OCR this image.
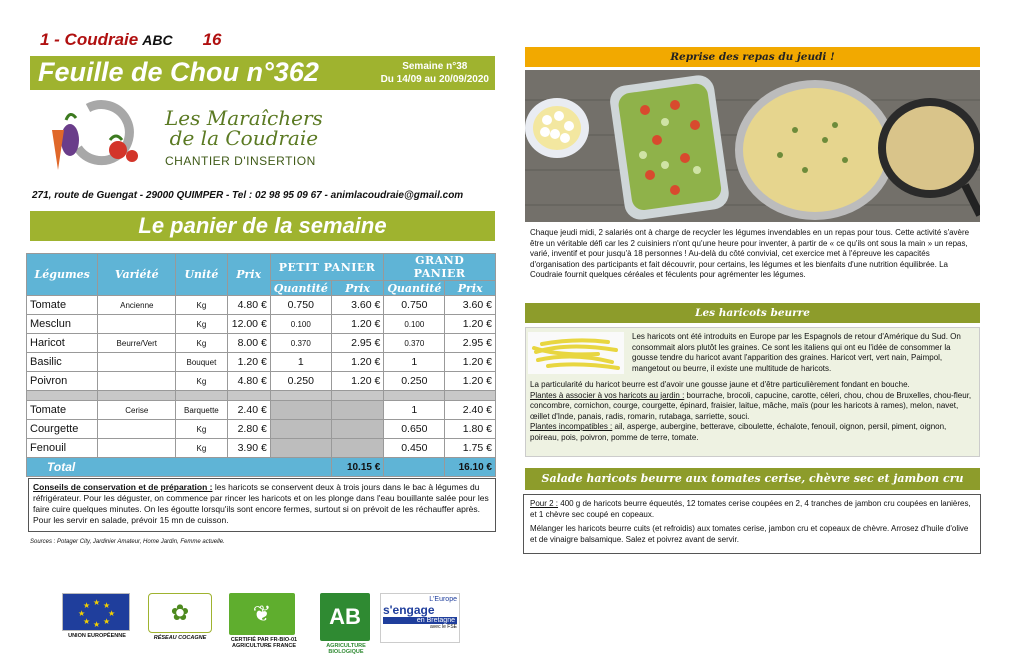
1 - Coudraie ABC 16
Feuille de Chou n°362	Semaine n°38
Du 14/09 au 20/09/2020
Les Maraîchers
de la Coudraie
CHANTIER D'INSERTION
271, route de Guengat - 29000 QUIMPER - Tel : 02 98 95 09 67 - animlacoudraie@gmail.com
Le panier de la semaine
Légumes	Variété	Unité	Prix	PETIT PANIER		GRAND PANIER	
				Quantité	Prix	Quantité	Prix
Tomate	Ancienne	Kg	4.80 €	0.750	3.60 €	0.750	3.60 €
Mesclun		Kg	12.00 €	0.100	1.20 €	0.100	1.20 €
Haricot	Beurre/Vert	Kg	8.00 €	0.370	2.95 €	0.370	2.95 €
Basilic		Bouquet	1.20 €	1	1.20 €	1	1.20 €
Poivron		Kg	4.80 €	0.250	1.20 €	0.250	1.20 €

Tomate	Cerise	Barquette	2.40 €			1	2.40 €
Courgette		Kg	2.80 €			0.650	1.80 €
Fenouil		Kg	3.90 €			0.450	1.75 €
Total					10.15 €		16.10 €
Conseils de conservation et de préparation : les haricots se conservent deux à trois jours dans le bac à légumes du réfrigérateur. Pour les déguster, on commence par rincer les haricots et on les plonge dans l'eau bouillante salée pour les faire cuire quelques minutes. On les égoutte lorsqu'ils sont encore fermes, surtout si on prévoit de les réchauffer après. Pour les servir en salade, prévoir 15 mn de cuisson.
Sources : Potager City, Jardinier Amateur, Home Jardin, Femme actuelle.
★ ★
★
★
★
★
★
★
UNION EUROPÉENNE
✿
RÉSEAU COCAGNE
❦
CERTIFIÉ PAR FR-BIO-01 AGRICULTURE FRANCE
AB
AGRICULTURE BIOLOGIQUE
L'Europe
s'engage
en Bretagne
avec le FSE
Reprise des repas du jeudi !
Chaque jeudi midi, 2 salariés ont à charge de recycler les légumes invendables en un repas pour tous. Cette activité s'avère être un véritable défi car les 2 cuisiniers n'ont qu'une heure pour inventer, à partir de « ce qu'ils ont sous la main » un repas, varié, inventif et pour jusqu'à 18 personnes ! Au-delà du côté convivial, cet exercice met à l'épreuve les capacités d'organisation des participants et fait découvrir, pour certains, les légumes et les bienfaits d'une nutrition équilibrée. La Coudraie fournit quelques céréales et féculents pour agrémenter les légumes.
Les haricots beurre
Les haricots ont été introduits en Europe par les Espagnols de retour d'Amérique du Sud. On consommait alors plutôt les graines. Ce sont les italiens qui ont eu l'idée de consommer la gousse tendre du haricot avant l'apparition des graines. Haricot vert, vert nain, Paimpol, mangetout ou beurre, il existe une multitude de haricots.
La particularité du haricot beurre est d'avoir une gousse jaune et d'être particulièrement fondant en bouche.
Plantes à associer à vos haricots au jardin : bourrache, brocoli, capucine, carotte, céleri, chou, chou de Bruxelles, chou-fleur, concombre, cornichon, courge, courgette, épinard, fraisier, laitue, mâche, maïs (pour les haricots à rames), melon, navet, œillet d'Inde, panais, radis, romarin, rutabaga, sarriette, souci.
Plantes incompatibles : ail, asperge, aubergine, betterave, ciboulette, échalote, fenouil, oignon, persil, piment, oignon, poireau, pois, poivron, pomme de terre, tomate.
Salade haricots beurre aux tomates cerise, chèvre sec et jambon cru
Pour 2 : 400 g de haricots beurre équeutés, 12 tomates cerise coupées en 2, 4 tranches de jambon cru coupées en lanières, et 1 chèvre sec coupé en copeaux.
Mélanger les haricots beurre cuits (et refroidis) aux tomates cerise, jambon cru et copeaux de chèvre. Arrosez d'huile d'olive et de vinaigre balsamique. Salez et poivrez avant de servir.
